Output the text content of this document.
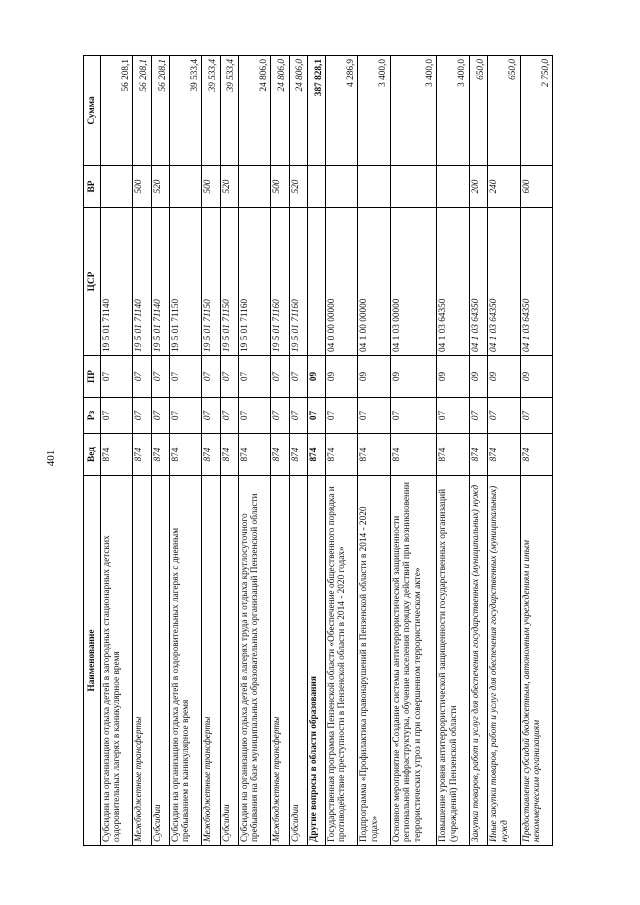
401
Наименование	Вед	Рз	ПР	ЦСР	ВР	Сумма
Субсидии на организацию отдыха детей в загородных стационарных детских оздоровительных лагерях в каникулярное время	874	07	07	19 5 01 71140		56 208,1
Межбюджетные трансферты	874	07	07	19 5 01 71140	500	56 208,1
Субсидии	874	07	07	19 5 01 71140	520	56 208,1
Субсидии на организацию отдыха детей в оздоровительных лагерях с дневным пребыванием в каникулярное время	874	07	07	19 5 01 71150		39 533,4
Межбюджетные трансферты	874	07	07	19 5 01 71150	500	39 533,4
Субсидии	874	07	07	19 5 01 71150	520	39 533,4
Субсидии на организацию отдыха детей в лагерях труда и отдыха круглосуточного пребывания на базе муниципальных образовательных организаций Пензенской области	874	07	07	19 5 01 71160		24 806,0
Межбюджетные трансферты	874	07	07	19 5 01 71160	500	24 806,0
Субсидии	874	07	07	19 5 01 71160	520	24 806,0
Другие вопросы в области образования	874	07	09			387 828,1
Государственная программа Пензенской области «Обеспечение общественного порядка и противодействие преступности в Пензенской области в 2014 - 2020 годах»	874	07	09	04 0 00 00000		4 286,9
Подпрограмма «Профилактика правонарушений в Пензенской области в 2014 - 2020 годах»	874	07	09	04 1 00 00000		3 400,0
Основное мероприятие «Создание системы антитеррористической защищенности региональной инфраструктуры, обучение населения порядку действий при возникновении террористических угроз и при совершенном террористическом акте»	874	07	09	04 1 03 00000		3 400,0
Повышение уровня антитеррористической защищенности государственных организаций (учреждений) Пензенской области	874	07	09	04 1 03 64350		3 400,0
Закупка товаров, работ и услуг для обеспечения государственных (муниципальных) нужд	874	07	09	04 1 03 64350	200	650,0
Иные закупки товаров, работ и услуг для обеспечения государственных (муниципальных) нужд	874	07	09	04 1 03 64350	240	650,0
Предоставление субсидий бюджетным, автономным учреждениям и иным некоммерческим организациям	874	07	09	04 1 03 64350	600	2 750,0
